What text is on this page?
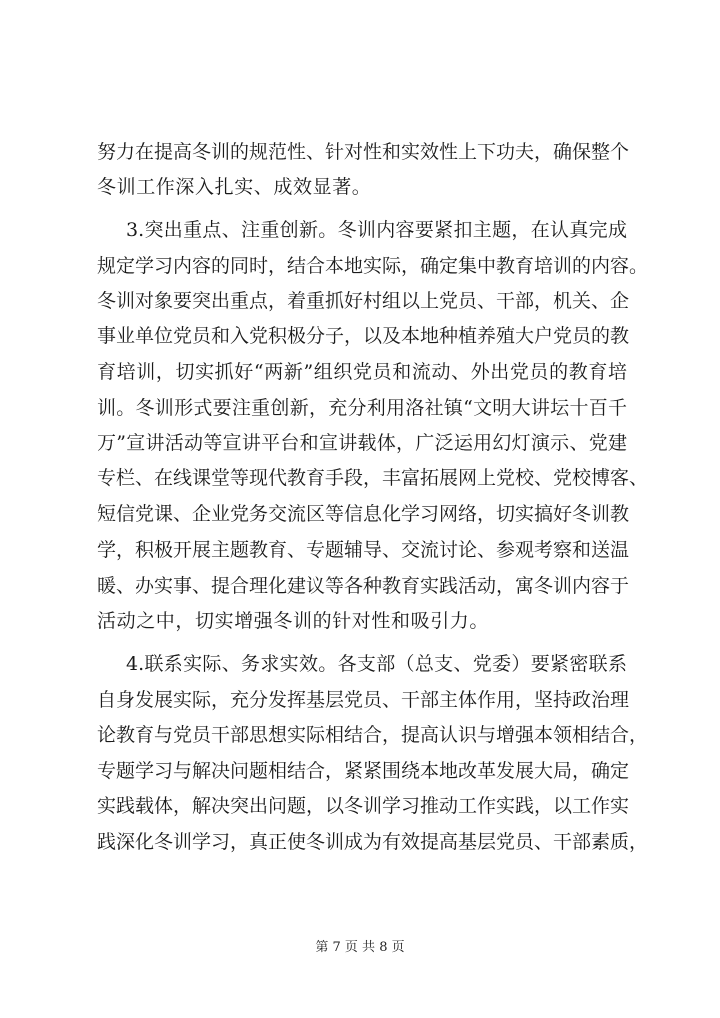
努力在提高冬训的规范性、针对性和实效性上下功夫，确保整个
冬训工作深入扎实、成效显著。
3.突出重点、注重创新。冬训内容要紧扣主题，在认真完成
规定学习内容的同时，结合本地实际，确定集中教育培训的内容。
冬训对象要突出重点，着重抓好村组以上党员、干部，机关、企
事业单位党员和入党积极分子，以及本地种植养殖大户党员的教
育培训，切实抓好“两新”组织党员和流动、外出党员的教育培
训。冬训形式要注重创新，充分利用洛社镇“文明大讲坛十百千
万”宣讲活动等宣讲平台和宣讲载体，广泛运用幻灯演示、党建
专栏、在线课堂等现代教育手段，丰富拓展网上党校、党校博客、
短信党课、企业党务交流区等信息化学习网络，切实搞好冬训教
学，积极开展主题教育、专题辅导、交流讨论、参观考察和送温
暖、办实事、提合理化建议等各种教育实践活动，寓冬训内容于
活动之中，切实增强冬训的针对性和吸引力。
4.联系实际、务求实效。各支部（总支、党委）要紧密联系
自身发展实际，充分发挥基层党员、干部主体作用，坚持政治理
论教育与党员干部思想实际相结合，提高认识与增强本领相结合，
专题学习与解决问题相结合，紧紧围绕本地改革发展大局，确定
实践载体，解决突出问题，以冬训学习推动工作实践，以工作实
践深化冬训学习，真正使冬训成为有效提高基层党员、干部素质，
第 7 页 共 8 页
